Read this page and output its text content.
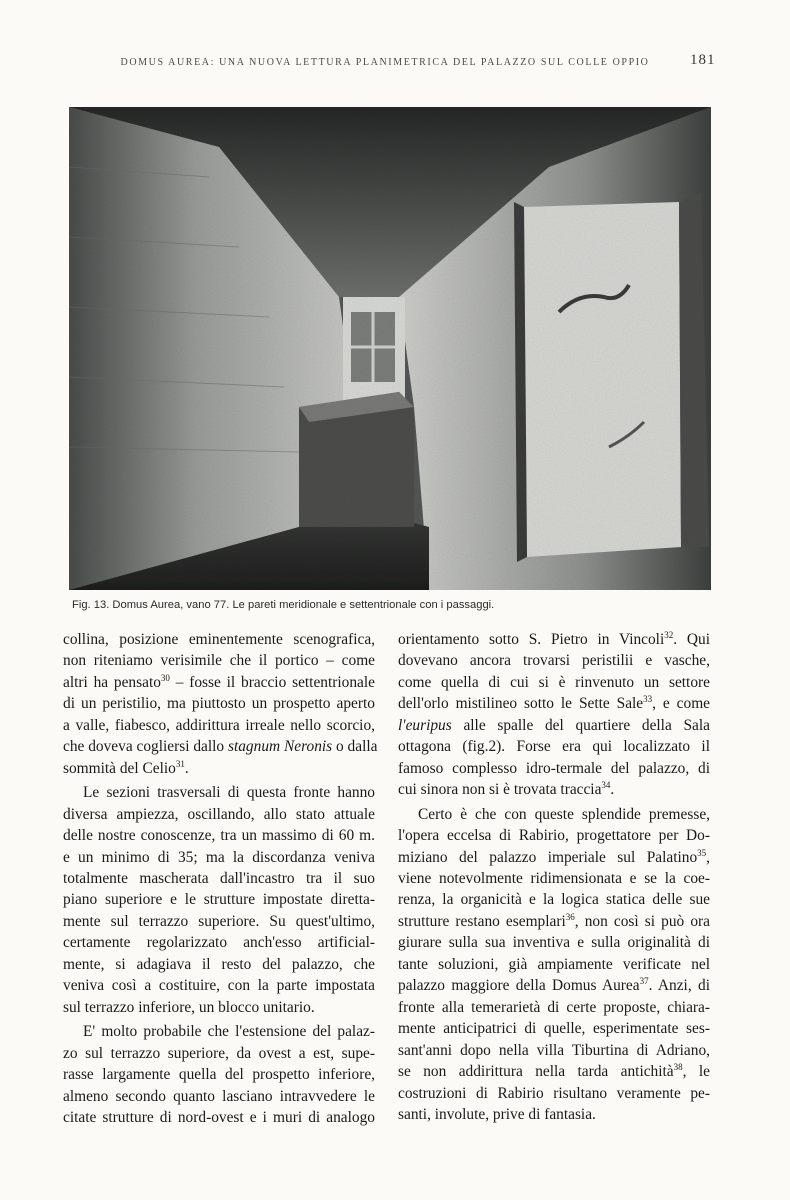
DOMUS AUREA: UNA NUOVA LETTURA PLANIMETRICA DEL PALAZZO SUL COLLE OPPIO	181
Fig. 13. Domus Aurea, vano 77. Le pareti meridionale e settentrionale con i passaggi.

collina, posizione eminentemente scenografica,
non riteniamo verisimile che il portico – come
altri ha pensato$^{30}$ – fosse il braccio settentrionale
di un peristilio, ma piuttosto un prospetto aperto
a valle, fiabesco, addirittura irreale nello scorcio,
che doveva cogliersi dallo stagnum Neronis o dalla
sommità del Celio$^{31}$.

Le sezioni trasversali di questa fronte hanno
diversa ampiezza, oscillando, allo stato attuale
delle nostre conoscenze, tra un massimo di 60 m.
e un minimo di 35; ma la discordanza veniva
totalmente mascherata dall'incastro tra il suo
piano superiore e le strutture impostate diretta-
mente sul terrazzo superiore. Su quest'ultimo,
certamente regolarizzato anch'esso artificial-
mente, si adagiava il resto del palazzo, che
veniva così a costituire, con la parte impostata
sul terrazzo inferiore, un blocco unitario.

E' molto probabile che l'estensione del palaz-
zo sul terrazzo superiore, da ovest a est, supe-
rasse largamente quella del prospetto inferiore,
almeno secondo quanto lasciano intravvedere le
citate strutture di nord-ovest e i muri di analogo

orientamento sotto S. Pietro in Vincoli$^{32}$. Qui
dovevano ancora trovarsi peristilii e vasche,
come quella di cui si è rinvenuto un settore
dell'orlo mistilineo sotto le Sette Sale$^{33}$, e come
l'euripus alle spalle del quartiere della Sala
ottagona (fig.2). Forse era qui localizzato il
famoso complesso idro-termale del palazzo, di
cui sinora non si è trovata traccia$^{34}$.

Certo è che con queste splendide premesse,
l'opera eccelsa di Rabirio, progettatore per Do-
miziano del palazzo imperiale sul Palatino$^{35}$,
viene notevolmente ridimensionata e se la coe-
renza, la organicità e la logica statica delle sue
strutture restano esemplari$^{36}$, non così si può ora
giurare sulla sua inventiva e sulla originalità di
tante soluzioni, già ampiamente verificate nel
palazzo maggiore della Domus Aurea$^{37}$. Anzi, di
fronte alla temerarietà di certe proposte, chiara-
mente anticipatrici di quelle, esperimentate ses-
sant'anni dopo nella villa Tiburtina di Adriano,
se non addirittura nella tarda antichità$^{38}$, le
costruzioni di Rabirio risultano veramente pe-
santi, involute, prive di fantasia.
